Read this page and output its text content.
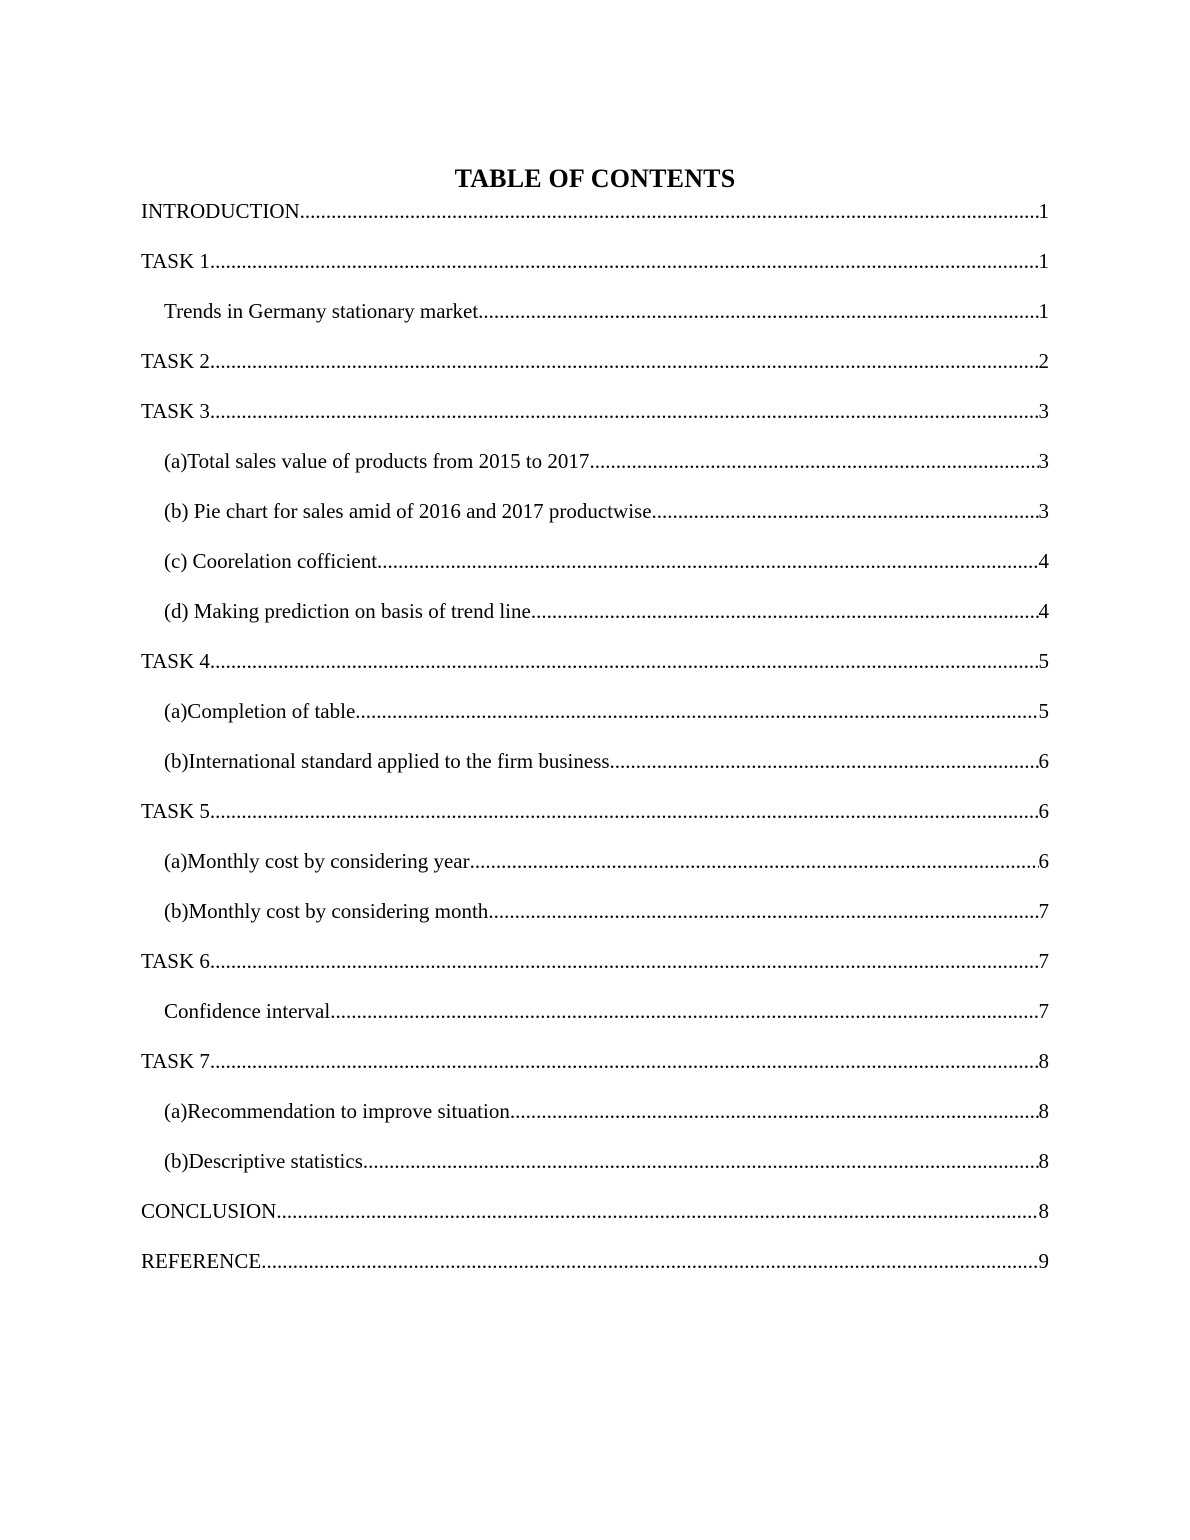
TABLE OF CONTENTS
INTRODUCTION .....	1
TASK 1 .....	1
Trends in Germany stationary market .....	1
TASK 2 .....	2
TASK 3 .....	3
(a)Total sales value of products from 2015 to 2017 .....	3
(b) Pie chart for sales amid of 2016 and 2017 productwise .....	3
(c) Coorelation cofficient .....	4
(d) Making prediction on basis of trend line .....	4
TASK 4 .....	5
(a)Completion of table .....	5
(b)International standard applied to the firm business .....	6
TASK 5 .....	6
(a)Monthly cost by considering year .....	6
(b)Monthly cost by considering month .....	7
TASK 6 .....	7
Confidence interval .....	7
TASK 7 .....	8
(a)Recommendation to improve situation .....	8
(b)Descriptive statistics .....	8
CONCLUSION .....	8
REFERENCE .....	9
